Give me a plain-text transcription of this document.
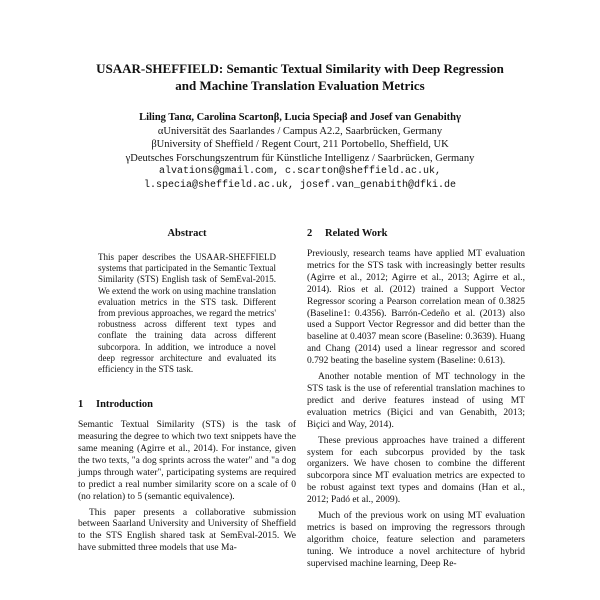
USAAR-SHEFFIELD: Semantic Textual Similarity with Deep Regression
and Machine Translation Evaluation Metrics
Liling Tanα, Carolina Scartonβ, Lucia Speciaβ and Josef van Genabithγ
αUniversität des Saarlandes / Campus A2.2, Saarbrücken, Germany
βUniversity of Sheffield / Regent Court, 211 Portobello, Sheffield, UK
γDeutsches Forschungszentrum für Künstliche Intelligenz / Saarbrücken, Germany
alvations@gmail.com, c.scarton@sheffield.ac.uk,
l.specia@sheffield.ac.uk, josef.van_genabith@dfki.de
Abstract

This paper describes the USAAR-SHEFFIELD systems that participated in the Semantic Textual Similarity (STS) English task of SemEval-2015. We extend the work on using machine translation evaluation metrics in the STS task. Different from previous approaches, we regard the metrics' robustness across different text types and conflate the training data across different subcorpora. In addition, we introduce a novel deep regressor architecture and evaluated its efficiency in the STS task.

1 Introduction

Semantic Textual Similarity (STS) is the task of measuring the degree to which two text snippets have the same meaning (Agirre et al., 2014). For instance, given the two texts, "a dog sprints across the water" and "a dog jumps through water", participating systems are required to predict a real number similarity score on a scale of 0 (no relation) to 5 (semantic equivalence).

This paper presents a collaborative submission between Saarland University and University of Sheffield to the STS English shared task at SemEval-2015. We have submitted three models that use Ma-

2 Related Work

Previously, research teams have applied MT evaluation metrics for the STS task with increasingly better results (Agirre et al., 2012; Agirre et al., 2013; Agirre et al., 2014). Rios et al. (2012) trained a Support Vector Regressor scoring a Pearson correlation mean of 0.3825 (Baseline1: 0.4356). Barrón-Cedeño et al. (2013) also used a Support Vector Regressor and did better than the baseline at 0.4037 mean score (Baseline: 0.3639). Huang and Chang (2014) used a linear regressor and scored 0.792 beating the baseline system (Baseline: 0.613).

Another notable mention of MT technology in the STS task is the use of referential translation machines to predict and derive features instead of using MT evaluation metrics (Biçici and van Genabith, 2013; Biçici and Way, 2014).

These previous approaches have trained a different system for each subcorpus provided by the task organizers. We have chosen to combine the different subcorpora since MT evaluation metrics are expected to be robust against text types and domains (Han et al., 2012; Padó et al., 2009).

Much of the previous work on using MT evaluation metrics is based on improving the regressors through algorithm choice, feature selection and parameters tuning. We introduce a novel architecture of hybrid supervised machine learning, Deep Re-
